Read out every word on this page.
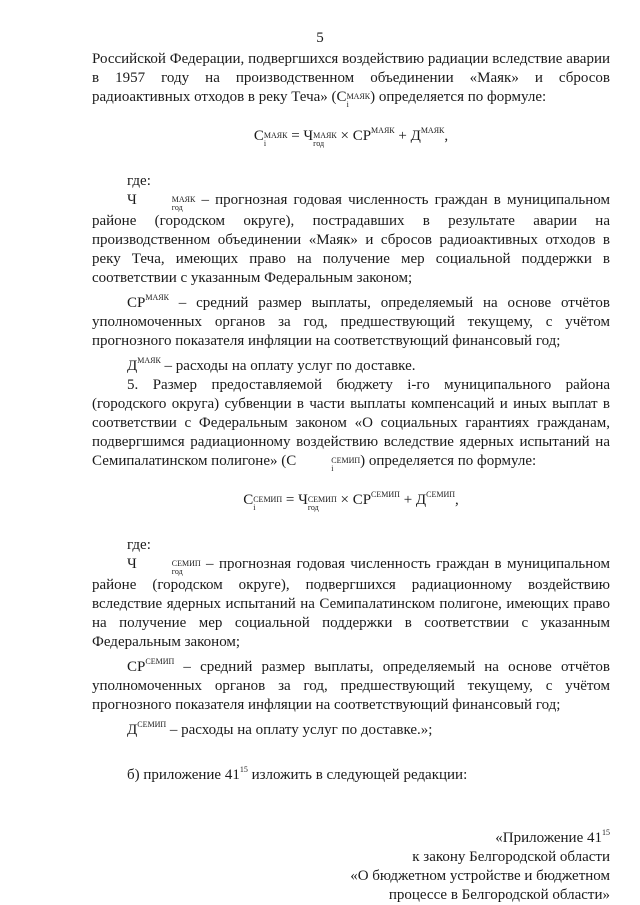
5

Российской Федерации, подвергшихся воздействию радиации вследствие аварии в 1957 году на производственном объединении «Маяк» и сбросов радиоактивных отходов в реку Теча» (С МАЯК
i	) определяется по формуле:

С МАЯК
i	= Ч МАЯК
год	× $СР^{МАЯК} + Д^{МАЯК}$,

где:

Ч	МАЯК
год	– прогнозная годовая численность граждан в муниципальном районе (городском округе), пострадавших в результате аварии на производственном объединении «Маяк» и сбросов радиоактивных отходов в реку Теча, имеющих право на получение мер социальной поддержки в соответствии с указанным Федеральным законом;

$СР^{МАЯК}$ – средний размер выплаты, определяемый на основе отчётов уполномоченных органов за год, предшествующий текущему, с учётом прогнозного показателя инфляции на соответствующий финансовый год;

$Д^{МАЯК}$ – расходы на оплату услуг по доставке.

5. Размер предоставляемой бюджету i-го муниципального района (городского округа) субвенции в части выплаты компенсаций и иных выплат в соответствии с Федеральным законом «О социальных гарантиях гражданам, подвергшимся радиационному воздействию вследствие ядерных испытаний на Семипалатинском полигоне» (С	СЕМИП
i	) определяется по формуле:

С СЕМИП
i	= Ч СЕМИП
год	× $СР^{СЕМИП} + Д^{СЕМИП}$,

где:

Ч	СЕМИП
год	– прогнозная годовая численность граждан в муниципальном районе (городском округе), подвергшихся радиационному воздействию вследствие ядерных испытаний на Семипалатинском полигоне, имеющих право на получение мер социальной поддержки в соответствии с указанным Федеральным законом;

$СР^{СЕМИП}$ – средний размер выплаты, определяемый на основе отчётов уполномоченных органов за год, предшествующий текущему, с учётом прогнозного показателя инфляции на соответствующий финансовый год;

$Д^{СЕМИП}$ – расходы на оплату услуг по доставке.»;

б) приложение $41^{15}$ изложить в следующей редакции:

«Приложение $41^{15}$

к закону Белгородской области

«О бюджетном устройстве и бюджетном

процессе в Белгородской области»
